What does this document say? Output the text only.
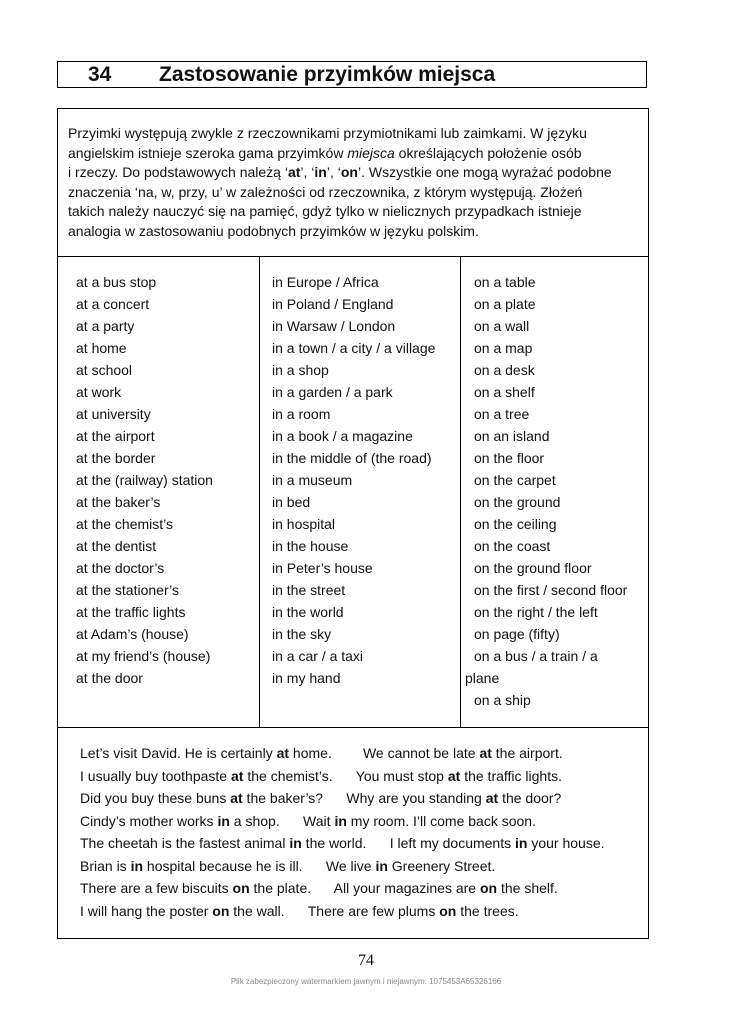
34 Zastosowanie przyimków miejsca
Przyimki występują zwykle z rzeczownikami przymiotnikami lub zaimkami. W języku
angielskim istnieje szeroka gama przyimków miejsca określających położenie osób
i rzeczy. Do podstawowych należą ‘at’, ‘in’, ‘on’. Wszystkie one mogą wyrażać podobne
znaczenia ‘na, w, przy, u’ w zależności od rzeczownika, z którym występują. Złożeń
takich należy nauczyć się na pamięć, gdyż tylko w nielicznych przypadkach istnieje
analogia w zastosowaniu podobnych przyimków w języku polskim.
at a bus stop
at a concert
at a party
at home
at school
at work
at university
at the airport
at the border
at the (railway) station
at the baker’s
at the chemist’s
at the dentist
at the doctor’s
at the stationer’s
at the traffic lights
at Adam’s (house)
at my friend’s (house)
at the door
in Europe / Africa
in Poland / England
in Warsaw / London
in a town / a city / a village
in a shop
in a garden / a park
in a room
in a book / a magazine
in the middle of (the road)
in a museum
in bed
in hospital
in the house
in Peter’s house
in the street
in the world
in the sky
in a car / a taxi
in my hand
on a table
on a plate
on a wall
on a map
on a desk
on a shelf
on a tree
on an island
on the floor
on the carpet
on the ground
on the ceiling
on the coast
on the ground floor
on the first / second floor
on the right / the left
on page (fifty)
on a bus / a train / a
plane
on a ship
Let’s visit David. He is certainly at home.        We cannot be late at the airport.
I usually buy toothpaste at the chemist’s.      You must stop at the traffic lights.
Did you buy these buns at the baker’s?      Why are you standing at the door?
Cindy’s mother works in a shop.      Wait in my room. I’ll come back soon.
The cheetah is the fastest animal in the world.      I left my documents in your house.
Brian is in hospital because he is ill.      We live in Greenery Street.
There are a few biscuits on the plate.      All your magazines are on the shelf.
I will hang the poster on the wall.      There are few plums on the trees.
74
Plik zabezpieczony watermarkiem jawnym i niejawnym: 1075453A65326166
